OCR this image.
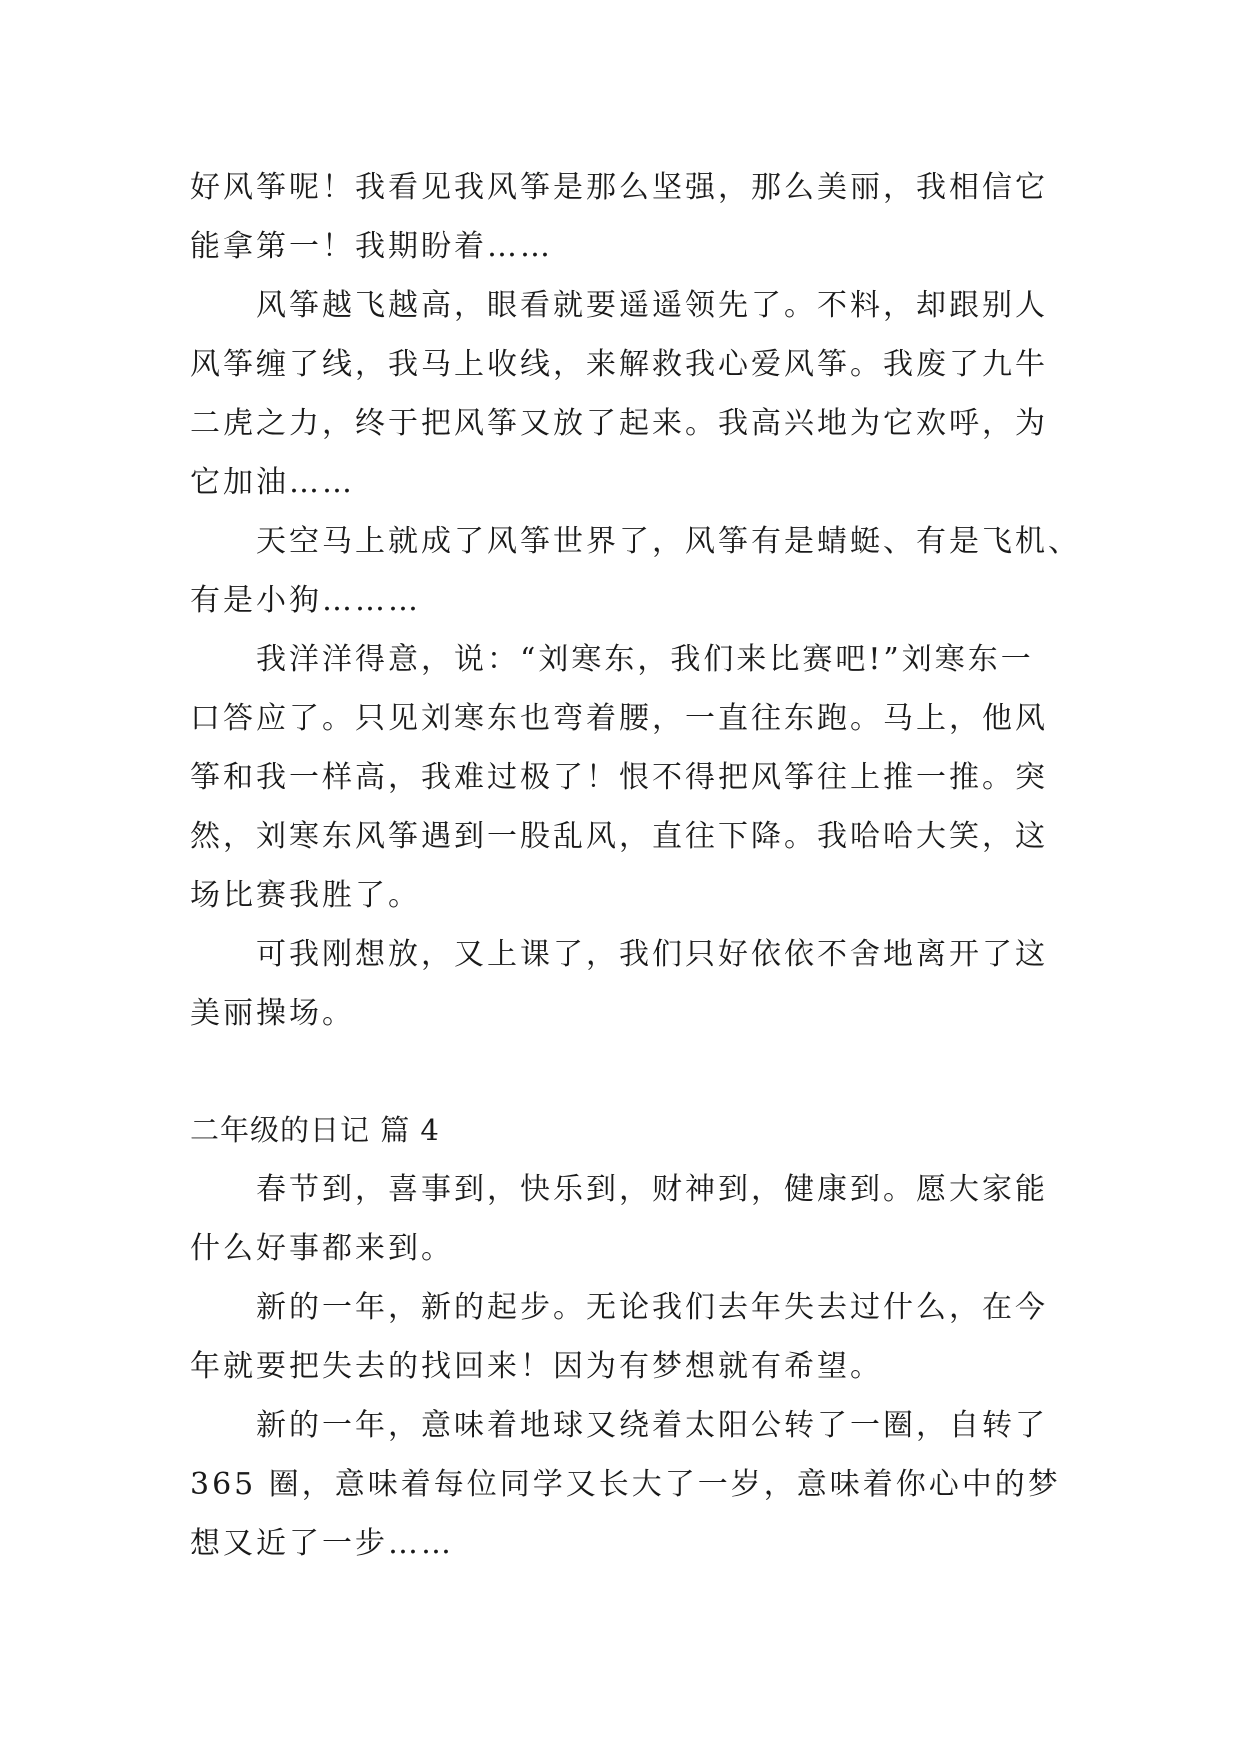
好风筝呢！我看见我风筝是那么坚强，那么美丽，我相信它
能拿第一！我期盼着……
风筝越飞越高，眼看就要遥遥领先了。不料，却跟别人
风筝缠了线，我马上收线，来解救我心爱风筝。我废了九牛
二虎之力，终于把风筝又放了起来。我高兴地为它欢呼，为
它加油……
天空马上就成了风筝世界了，风筝有是蜻蜓、有是飞机、
有是小狗………
我洋洋得意，说：“刘寒东，我们来比赛吧!”刘寒东一
口答应了。只见刘寒东也弯着腰，一直往东跑。马上，他风
筝和我一样高，我难过极了！恨不得把风筝往上推一推。突
然，刘寒东风筝遇到一股乱风，直往下降。我哈哈大笑，这
场比赛我胜了。
可我刚想放，又上课了，我们只好依依不舍地离开了这
美丽操场。
二年级的日记 篇 4
春节到，喜事到，快乐到，财神到，健康到。愿大家能
什么好事都来到。
新的一年，新的起步。无论我们去年失去过什么，在今
年就要把失去的找回来！因为有梦想就有希望。
新的一年，意味着地球又绕着太阳公转了一圈，自转了
365 圈，意味着每位同学又长大了一岁，意味着你心中的梦
想又近了一步……
